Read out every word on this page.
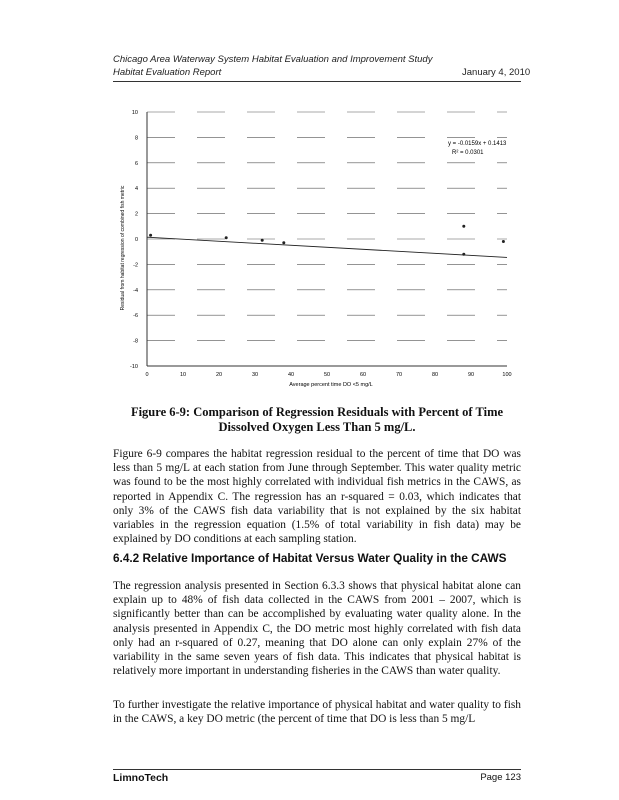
Chicago Area Waterway System Habitat Evaluation and Improvement Study
Habitat Evaluation Report	January 4, 2010
0	10	20	30	40	50	60	70	80	90	100
10
8
6
4
2
0
-2
-4
-6
-8
-10
y = -0.0159x + 0.1413
R² = 0.0301
Average percent time DO <5 mg/L
Residual from habitat regression of combined fish metric
Figure 6-9: Comparison of Regression Residuals with Percent of Time Dissolved Oxygen Less Than 5 mg/L.
Figure 6-9 compares the habitat regression residual to the percent of time that DO was less than 5 mg/L at each station from June through September. This water quality metric was found to be the most highly correlated with individual fish metrics in the CAWS, as reported in Appendix C. The regression has an r-squared = 0.03, which indicates that only 3% of the CAWS fish data variability that is not explained by the six habitat variables in the regression equation (1.5% of total variability in fish data) may be explained by DO conditions at each sampling station.
6.4.2 Relative Importance of Habitat Versus Water Quality in the CAWS
The regression analysis presented in Section 6.3.3 shows that physical habitat alone can explain up to 48% of fish data collected in the CAWS from 2001 – 2007, which is significantly better than can be accomplished by evaluating water quality alone. In the analysis presented in Appendix C, the DO metric most highly correlated with fish data only had an r-squared of 0.27, meaning that DO alone can only explain 27% of the variability in the same seven years of fish data. This indicates that physical habitat is relatively more important in understanding fisheries in the CAWS than water quality.
To further investigate the relative importance of physical habitat and water quality to fish in the CAWS, a key DO metric (the percent of time that DO is less than 5 mg/L
LimnoTech	Page 123
